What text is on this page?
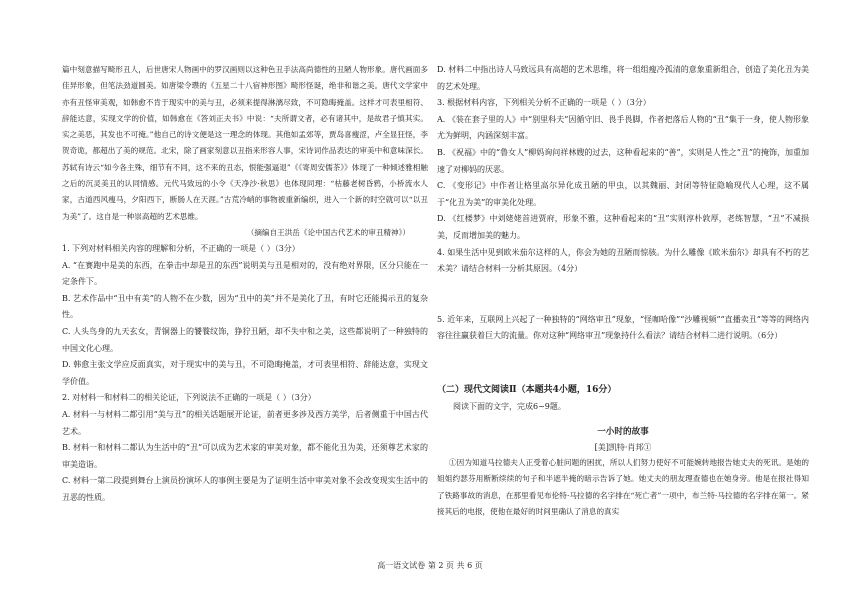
篇中刻意描写畸形丑人，后世唐宋人物画中的罗汉画则以这种色丑手法高尚德性的丑陋人物形象。唐代画面多佳异形象，但笔法劲道圆美。如唐梁令瓒的《五星二十八宿神形图》畸形怪诞，绝非和谐之美。唐代文学家中亦有丑怪审美观，如韩愈不肯于现实中的美与丑，必须来提得淋漓尽致，不可隐晦掩盖。这样才可表里相符、辞能达意，实现文学的价值，如韩愈在《答刘正夫书》中说：“夫所谓文者，必有诸其中，是故君子慎其实。实之美恶，其发也不可掩。”他自己的诗文便是这一理念的体现。其他如孟郊等，贾岛喜瘦涩，卢全显狂怪，李贺奇诡，都超出了美的规范。北宋，除了画家刻意以丑指来形容人事，宋诗词作品表达的审美中和意味深长。苏轼有诗云“如今各主殊，细节有不同，这不来的丑态，恨能强逼退”《《寄周安儒茶》》体现了一种倾述雅相触之后的沉灵美丑的认同情感。元代马致远的小令《天净沙·秋思》也体现同理：“枯藤老树昏鸦，小桥流水人家，古道西风瘦马，夕阳西下，断肠人在天涯。”古荒冷峭的事物被重新编织，进入一个新的时空就可以“以丑为美”了。这自是一种崇高超的艺术思维。

（摘编自王洪岳《论中国古代艺术的审丑精神》）

1. 下列对材料相关内容的理解和分析，不正确的一项是（ ）（3分）

A. “在赛跑中是美的东西，在拳击中却是丑的东西”说明美与丑是相对的，没有绝对界限，区分只能在一定条件下。

B. 艺术作品中“丑中有美”的人物不在少数，因为“丑中的美”并不是美化了丑，有时它还能揭示丑的复杂性。

C. 人头鸟身的九天玄女，青铜器上的饕餮纹饰，狰狞丑陋，却不失中和之美，这些都说明了一种独特的中国文化心理。

D. 韩愈主张文学应反面真实，对于现实中的美与丑，不可隐晦掩盖，才可表里相符、辞能达意，实现文学价值。

2. 对材料一和材料二的相关论证，下列说法不正确的一项是（ ）（3分）

A. 材料一与材料二都引用“美与丑”的相关话题展开论证，前者更多涉及西方美学，后者侧重于中国古代艺术。

B. 材料一和材料二都认为生活中的“丑”可以成为艺术家的审美对象，都不能化丑为美，还须尊艺术家的审美造诣。

C. 材料一第二段提到舞台上演员扮演坏人的事例主要是为了证明生活中审美对象不会改变现实生活中的丑恶的性质。

D. 材料二中指出诗人马致远具有高超的艺术思维，将一组组瘦冷孤清的意象重新组合，创造了美化丑为美的艺术处理。

3. 根据材料内容，下列相关分析不正确的一项是（ ）（3分）

A. 《装在套子里的人》中“别里科夫”因循守旧、畏手畏脚，作者把落后人物的“丑”集于一身，使人物形象尤为鲜明，内涵深刻丰富。

B. 《祝福》中的“鲁女人”柳妈询问祥林嫂的过去，这种看起来的“善”，实则是人性之“丑”的掩饰，加重加速了对柳妈的厌恶。

C. 《变形记》中作者让格里高尔异化成丑陋的甲虫，以其魏丽、封闭等特征隐喻现代人心理，这不属于“化丑为美”的审美化处理。

D. 《红楼梦》中刘姥姥首进贾府，形象不雅，这种看起来的“丑”实则淳朴敦厚，老练智慧，“丑”不减损美，反而增加美的魅力。

4. 如果生活中见到欧米茄尔这样的人，你会为她的丑陋而惊骇。为什么雕像《欧米茄尔》却具有不朽的艺术美？请结合材料一分析其原因。（4分）

5. 近年来，互联网上兴起了一种独特的“网络审丑”现象，“怪咖哈像”“沙雕视频”“直播卖丑”等等的网络内容往往赢获着巨大的流量。你对这种“网络审丑”现象持什么看法？请结合材料二进行说明。（6分）

（二）现代文阅读Ⅱ（本题共4小题，16分）

阅读下面的文字，完成6~9题。

一小时的故事

[美]凯特·肖邦①

①因为知道马拉德夫人正受着心脏问题的困扰，所以人们努力使好不可能婉转地报告她丈夫的死讯。是她的姐姐约瑟芬用断断续续的句子和半遮半掩的暗示告诉了她。她丈夫的朋友理查德也在她身旁。他是在报社得知了铁路事故的消息，在那里看见布伦特·马拉德的名字排在“死亡者”一项中，布兰特·马拉德的名字排在第一。紧接其后的电报，使他在最好的时间里确认了消息的真实

高一语文试卷 第 2 页 共 6 页
